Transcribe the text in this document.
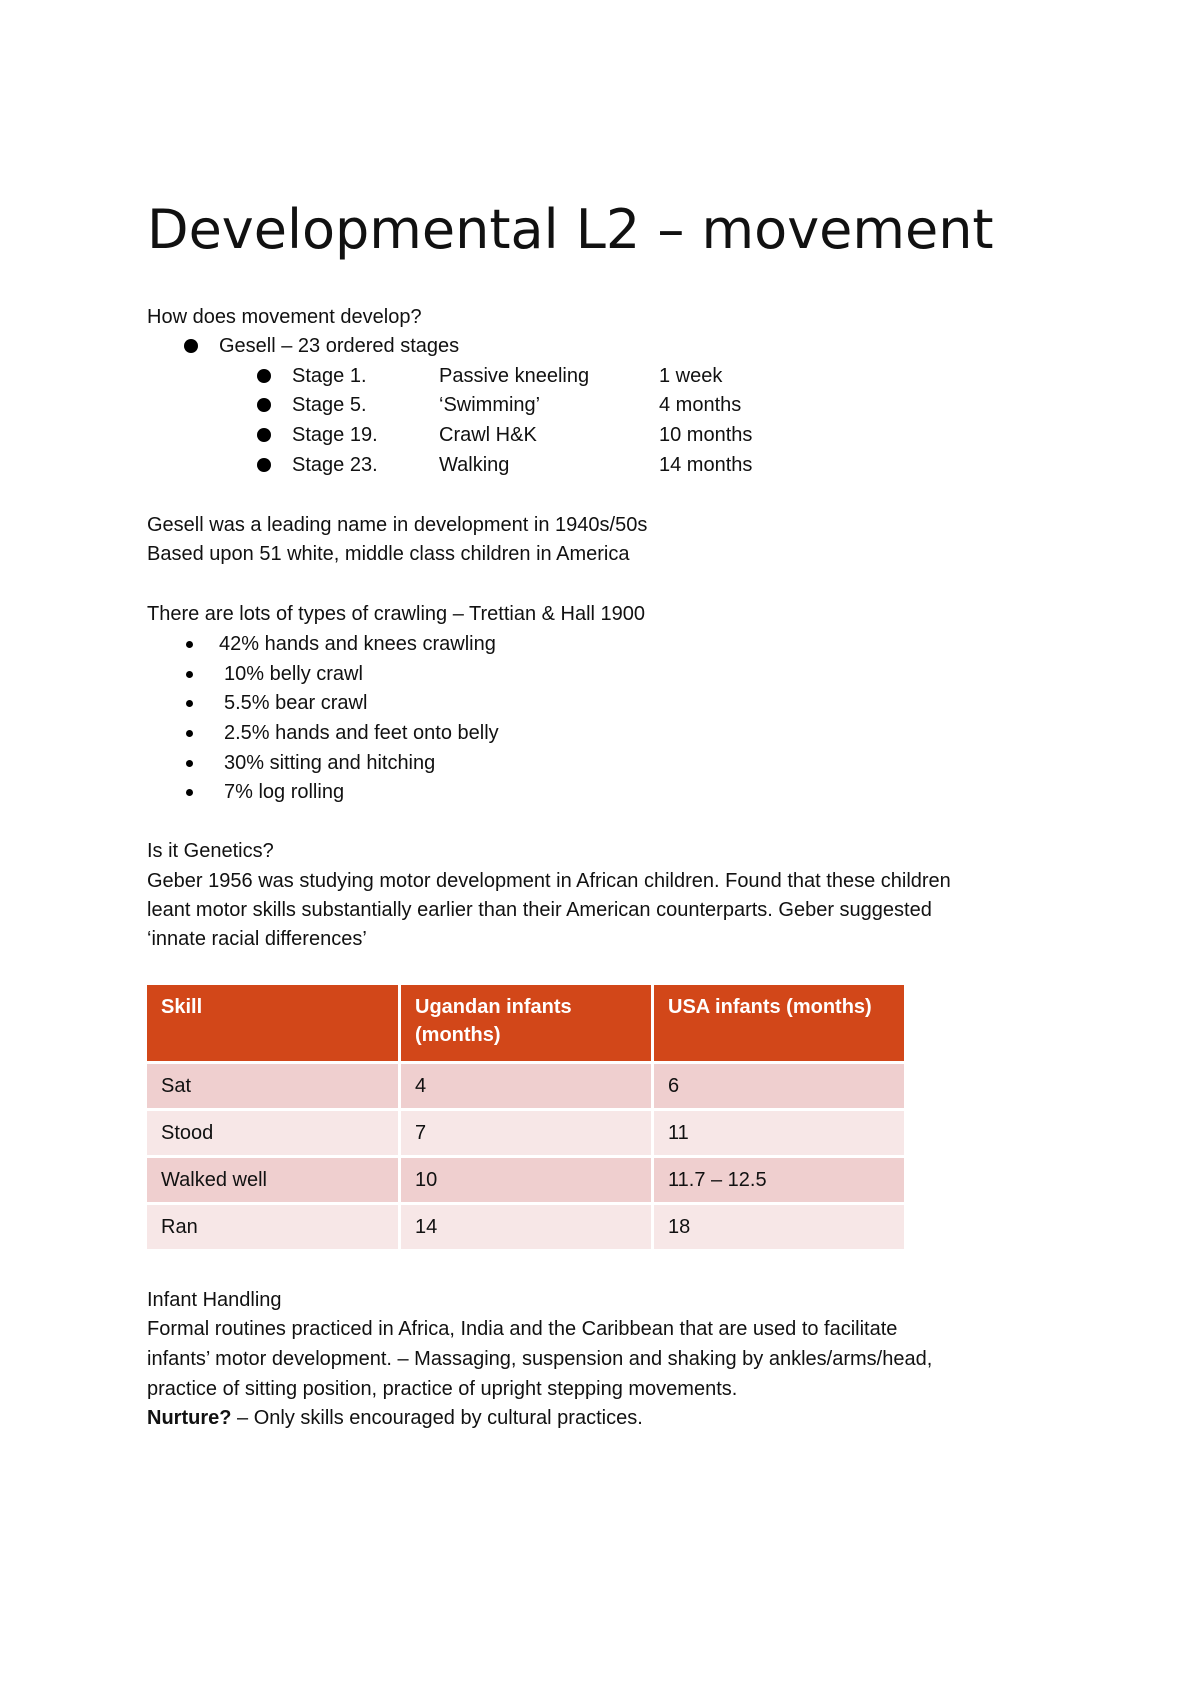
Developmental L2 – movement
How does movement develop?
Gesell – 23 ordered stages
Stage 1.	Passive kneeling	1 week
Stage 5.	‘Swimming’	4 months
Stage 19.	Crawl H&K	10 months
Stage 23.	Walking	14 months
Gesell was a leading name in development in 1940s/50s
Based upon 51 white, middle class children in America
There are lots of types of crawling – Trettian & Hall 1900
42% hands and knees crawling
10% belly crawl
5.5% bear crawl
2.5% hands and feet onto belly
30% sitting and hitching
7% log rolling
Is it Genetics?
Geber 1956 was studying motor development in African children. Found that these children
leant motor skills substantially earlier than their American counterparts. Geber suggested
‘innate racial differences’
Skill	Ugandan infants (months)	USA infants (months)
Sat	4	6
Stood	7	11
Walked well	10	11.7 – 12.5
Ran	14	18
Infant Handling
Formal routines practiced in Africa, India and the Caribbean that are used to facilitate
infants’ motor development. – Massaging, suspension and shaking by ankles/arms/head,
practice of sitting position, practice of upright stepping movements.
Nurture? – Only skills encouraged by cultural practices.
